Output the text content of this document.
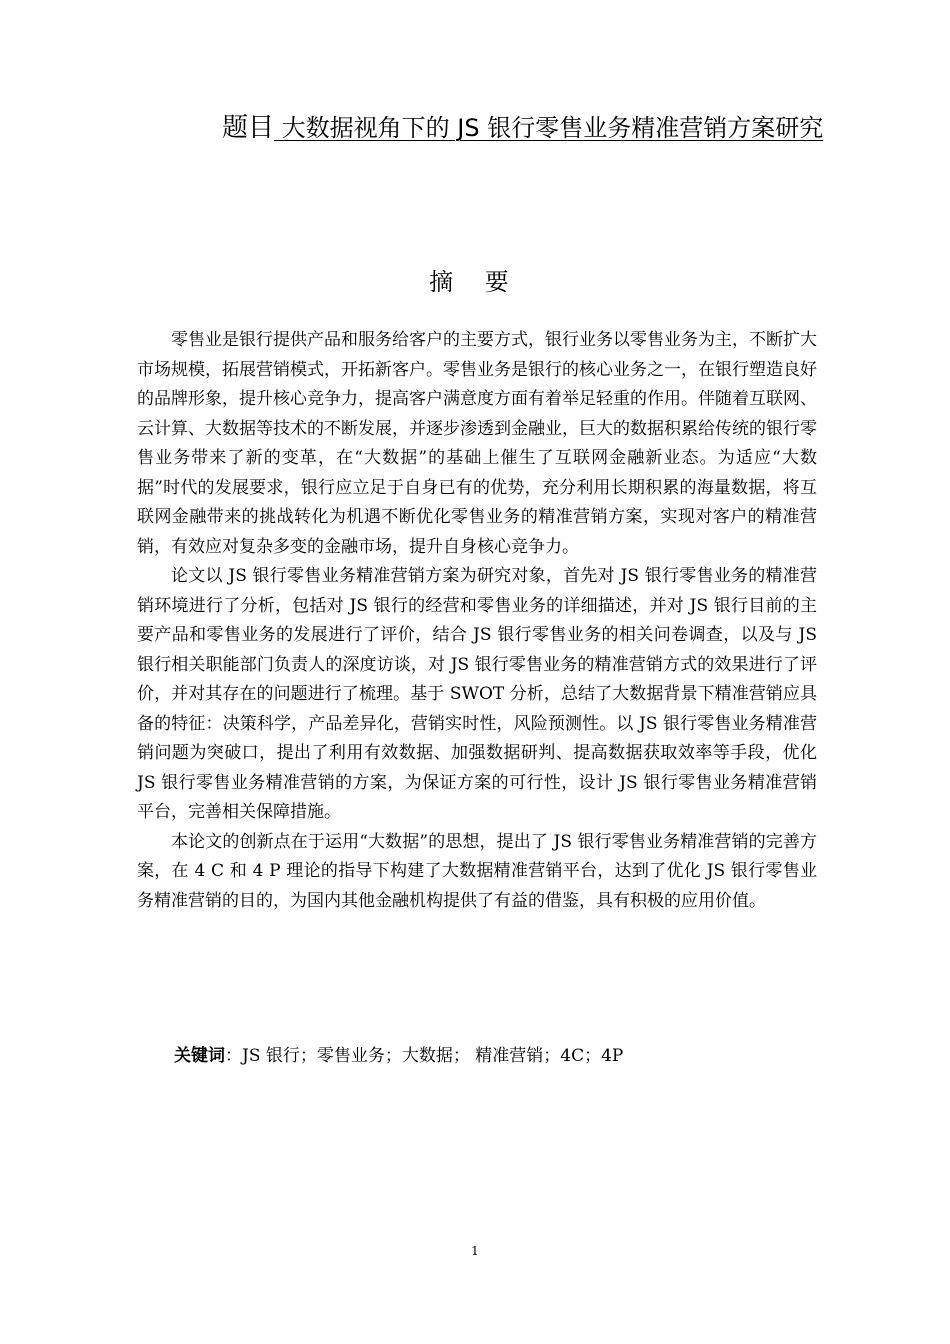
题目 大数据视角下的 JS 银行零售业务精准营销方案研究
摘 要

零售业是银行提供产品和服务给客户的主要方式，银行业务以零售业务为主，不断扩大市场规模，拓展营销模式，开拓新客户。零售业务是银行的核心业务之一，在银行塑造良好的品牌形象，提升核心竞争力，提高客户满意度方面有着举足轻重的作用。伴随着互联网、云计算、大数据等技术的不断发展，并逐步渗透到金融业，巨大的数据积累给传统的银行零售业务带来了新的变革，在“大数据”的基础上催生了互联网金融新业态。为适应“大数据”时代的发展要求，银行应立足于自身已有的优势，充分利用长期积累的海量数据，将互联网金融带来的挑战转化为机遇不断优化零售业务的精准营销方案，实现对客户的精准营销，有效应对复杂多变的金融市场，提升自身核心竞争力。

论文以 JS 银行零售业务精准营销方案为研究对象，首先对 JS 银行零售业务的精准营销环境进行了分析，包括对 JS 银行的经营和零售业务的详细描述，并对 JS 银行目前的主要产品和零售业务的发展进行了评价，结合 JS 银行零售业务的相关问卷调查，以及与 JS 银行相关职能部门负责人的深度访谈，对 JS 银行零售业务的精准营销方式的效果进行了评价，并对其存在的问题进行了梳理。基于 SWOT 分析，总结了大数据背景下精准营销应具备的特征：决策科学，产品差异化，营销实时性，风险预测性。以 JS 银行零售业务精准营销问题为突破口，提出了利用有效数据、加强数据研判、提高数据获取效率等手段，优化 JS 银行零售业务精准营销的方案，为保证方案的可行性，设计 JS 银行零售业务精准营销平台，完善相关保障措施。

本论文的创新点在于运用“大数据”的思想，提出了 JS 银行零售业务精准营销的完善方案，在 4 C 和 4 P 理论的指导下构建了大数据精准营销平台，达到了优化 JS 银行零售业务精准营销的目的，为国内其他金融机构提供了有益的借鉴，具有积极的应用价值。

关键词：JS 银行；零售业务；大数据； 精准营销；4C；4P
1
